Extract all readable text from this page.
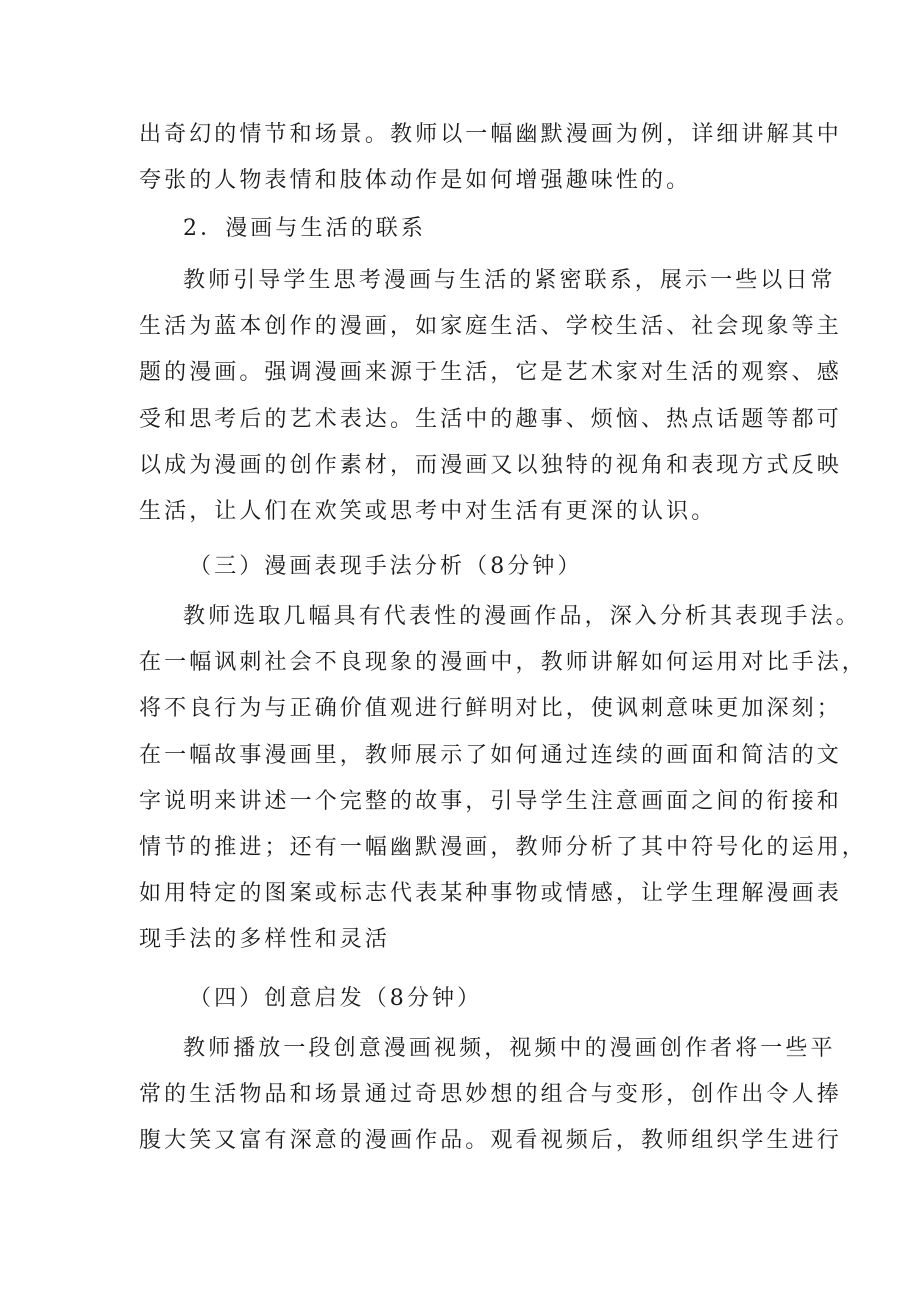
出奇幻的情节和场景。教师以一幅幽默漫画为例，详细讲解其中
夸张的人物表情和肢体动作是如何增强趣味性的。
2．漫画与生活的联系
教师引导学生思考漫画与生活的紧密联系，展示一些以日常
生活为蓝本创作的漫画，如家庭生活、学校生活、社会现象等主
题的漫画。强调漫画来源于生活，它是艺术家对生活的观察、感
受和思考后的艺术表达。生活中的趣事、烦恼、热点话题等都可
以成为漫画的创作素材，而漫画又以独特的视角和表现方式反映
生活，让人们在欢笑或思考中对生活有更深的认识。
（三）漫画表现手法分析（8分钟）
教师选取几幅具有代表性的漫画作品，深入分析其表现手法。
在一幅讽刺社会不良现象的漫画中，教师讲解如何运用对比手法，
将不良行为与正确价值观进行鲜明对比，使讽刺意味更加深刻；
在一幅故事漫画里，教师展示了如何通过连续的画面和简洁的文
字说明来讲述一个完整的故事，引导学生注意画面之间的衔接和
情节的推进；还有一幅幽默漫画，教师分析了其中符号化的运用，
如用特定的图案或标志代表某种事物或情感，让学生理解漫画表
现手法的多样性和灵活
（四）创意启发（8分钟）
教师播放一段创意漫画视频，视频中的漫画创作者将一些平
常的生活物品和场景通过奇思妙想的组合与变形，创作出令人捧
腹大笑又富有深意的漫画作品。观看视频后，教师组织学生进行
